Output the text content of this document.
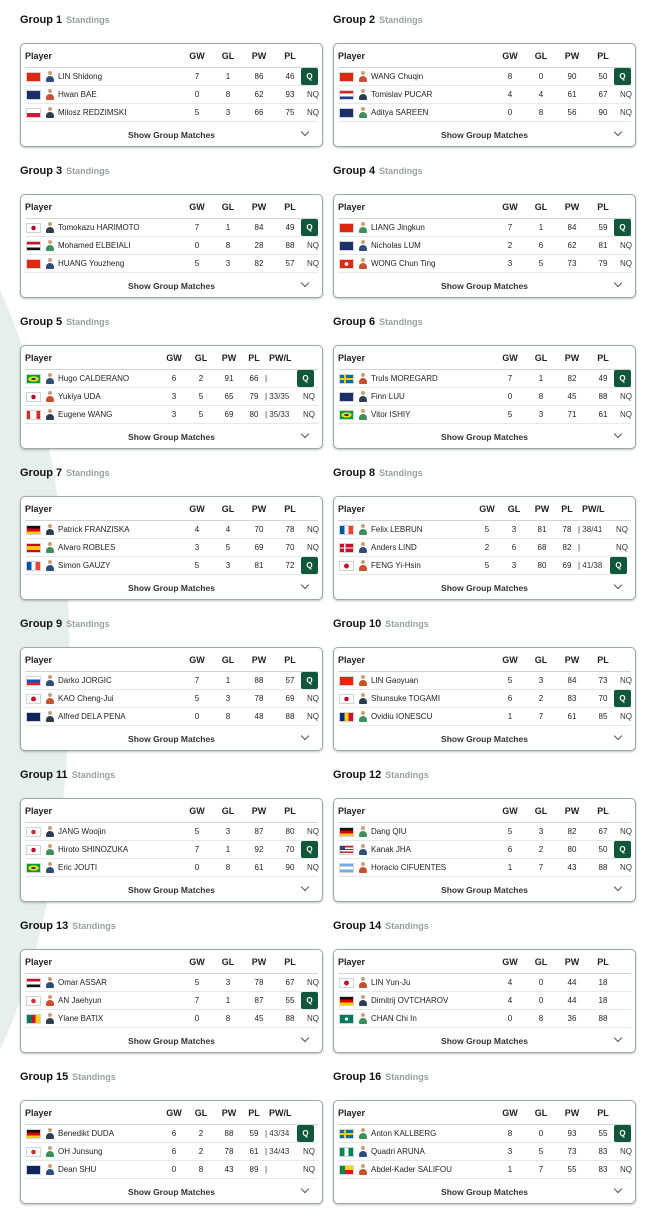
Group 1 Standings
Player	GW	GL	PW	PL
LIN Shidong	7	1	86	46	Q
Hwan BAE	0	8	62	93	NQ
Milosz REDZIMSKI	5	3	66	75	NQ
Show Group Matches
Group 2 Standings
Player	GW	GL	PW	PL
WANG Chuqin	8	0	90	50	Q
Tomislav PUCAR	4	4	61	67	NQ
Aditya SAREEN	0	8	56	90	NQ
Show Group Matches
Group 3 Standings
Player	GW	GL	PW	PL
Tomokazu HARIMOTO	7	1	84	49	Q
Mohamed ELBEIALI	0	8	28	88	NQ
HUANG Youzheng	5	3	82	57	NQ
Show Group Matches
Group 4 Standings
Player	GW	GL	PW	PL
LIANG Jingkun	7	1	84	59	Q
Nicholas LUM	2	6	62	81	NQ
WONG Chun Ting	3	5	73	79	NQ
Show Group Matches
Group 5 Standings
Player	GW	GL	PW	PL	PW/L
Hugo CALDERANO	6	2	91	66 |	Q
Yukiya UDA	3	5	65	79 | 33/35	NQ
Eugene WANG	3	5	69	80 | 35/33	NQ
Show Group Matches
Group 6 Standings
Player	GW	GL	PW	PL
Truls MOREGARD	7	1	82	49	Q
Finn LUU	0	8	45	88	NQ
Vitor ISHIY	5	3	71	61	NQ
Show Group Matches
Group 7 Standings
Player	GW	GL	PW	PL
Patrick FRANZISKA	4	4	70	78	NQ
Alvaro ROBLES	3	5	69	70	NQ
Simon GAUZY	5	3	81	72	Q
Show Group Matches
Group 8 Standings
Player	GW	GL	PW	PL	PW/L
Felix LEBRUN	5	3	81	78 | 38/41	NQ
Anders LIND	2	6	68	82 |	NQ
FENG Yi-Hsin	5	3	80	69 | 41/38	Q
Show Group Matches
Group 9 Standings
Player	GW	GL	PW	PL
Darko JORGIC	7	1	88	57	Q
KAO Cheng-Jui	5	3	78	69	NQ
Alfred DELA PENA	0	8	48	88	NQ
Show Group Matches
Group 10 Standings
Player	GW	GL	PW	PL
LIN Gaoyuan	5	3	84	73	NQ
Shunsuke TOGAMI	6	2	83	70	Q
Ovidiu IONESCU	1	7	61	85	NQ
Show Group Matches
Group 11 Standings
Player	GW	GL	PW	PL
JANG Woojin	5	3	87	80	NQ
Hiroto SHINOZUKA	7	1	92	70	Q
Eric JOUTI	0	8	61	90	NQ
Show Group Matches
Group 12 Standings
Player	GW	GL	PW	PL
Dang QIU	5	3	82	67	NQ
Kanak JHA	6	2	80	50	Q
Horacio CIFUENTES	1	7	43	88	NQ
Show Group Matches
Group 13 Standings
Player	GW	GL	PW	PL
Omar ASSAR	5	3	78	67	NQ
AN Jaehyun	7	1	87	55	Q
Ylane BATIX	0	8	45	88	NQ
Show Group Matches
Group 14 Standings
Player	GW	GL	PW	PL
LIN Yun-Ju	4	0	44	18
Dimitrij OVTCHAROV	4	0	44	18
CHAN Chi In	0	8	36	88
Show Group Matches
Group 15 Standings
Player	GW	GL	PW	PL	PW/L
Benedikt DUDA	6	2	88	59 | 43/34	Q
OH Junsung	6	2	78	61 | 34/43	NQ
Dean SHU	0	8	43	89 |	NQ
Show Group Matches
Group 16 Standings
Player	GW	GL	PW	PL
Anton KALLBERG	8	0	93	55	Q
Quadri ARUNA	3	5	73	83	NQ
Abdel-Kader SALIFOU	1	7	55	83	NQ
Show Group Matches
